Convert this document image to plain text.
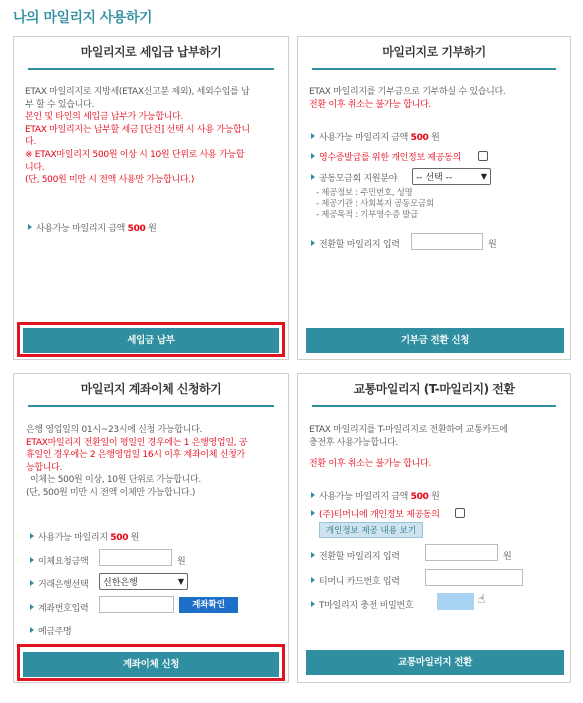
나의 마일리지 사용하기
마일리지로 세입금 납부하기
ETAX 마일리지로 지방세(ETAX신고분 제외), 세외수입를 납
부 할 수 있습니다.
본인 및 타인의 세입금 납부가 가능합니다.
ETAX 마일리지는 납부할 세금 [단건] 선택 시 사용 가능합니
다.
※ ETAX마일리지 500원 이상 시 10원 단위로 사용 가능합
니다.
(단, 500원 미만 시 전액 사용만 가능합니다.)
사용가능 마일리지 금액 500 원
세입금 납부
마일리지로 기부하기
ETAX 마일리지를 기부금으로 기부하실 수 있습니다.
전환 이후 취소는 불가능 합니다.
사용가능 마일리지 금액 500 원
영수증발급를 위한 개인정보 제공동의
공동모금회 지원분야	-- 선택 --	▼
- 제공정보 : 주민번호, 성명
- 제공기관 : 사회복지 공동모금회
- 제공목적 : 기부영수증 발급
전환할 마일리지 입력	원
기부금 전환 신청
마일리지 계좌이체 신청하기
은행 영업일의 01시~23시에 신청 가능합니다.
ETAX마일리지 전환일이 평일인 경우에는 1 은행영업일, 공
휴일인 경우에는 2 은행영업일 16시 이후 계좌이체 신청가
능합니다.
이체는 500원 이상, 10원 단위로 가능합니다.
(단, 500원 미만 시 전액 이체만 가능합니다.)
사용가능 마일리지 500 원
이체요청금액	원
거래은행선택	신한은행	▼
계좌번호입력	계좌확인
예금주명
계좌이체 신청
교통마일리지 (T-마일리지) 전환
ETAX 마일리지를 T-마일리지로 전환하여 교통카드에
충전후 사용가능합니다.
전환 이후 취소는 불가능 합니다.
사용가능 마일리지 금액 500 원
(주)티머니에 개인정보 제공동의
개인정보 제공 내용 보기
전환할 마일리지 입력	원
티머니 카드번호 입력
T마일리지 충전 비밀번호	☝
교통마일리지 전환
